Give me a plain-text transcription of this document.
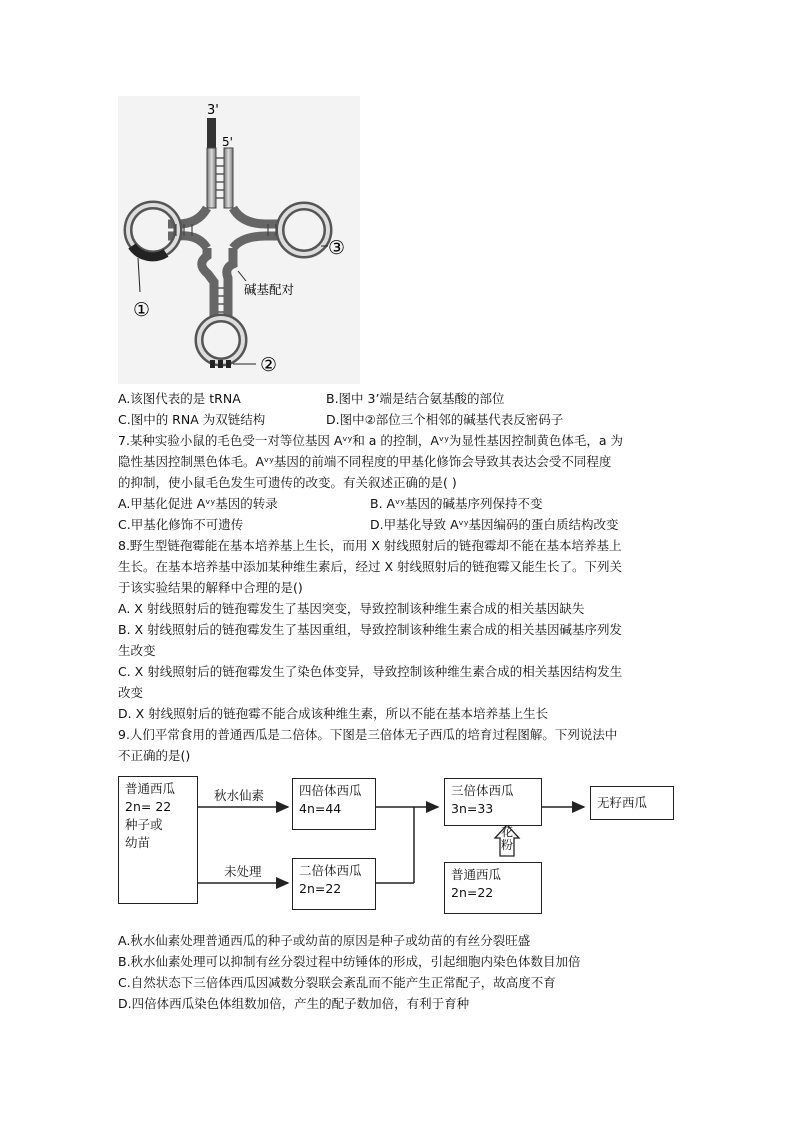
3'
5'
③
①
②
碱基配对
A.该图代表的是 tRNA	B.图中 3’端是结合氨基酸的部位
C.图中的 RNA 为双链结构	D.图中②部位三个相邻的碱基代表反密码子
7.某种实验小鼠的毛色受一对等位基因 Aᵛʸ和 a 的控制，Aᵛʸ为显性基因控制黄色体毛，a 为
隐性基因控制黑色体毛。Aᵛʸ基因的前端不同程度的甲基化修饰会导致其表达会受不同程度
的抑制，使小鼠毛色发生可遗传的改变。有关叙述正确的是( )
A.甲基化促进 Aᵛʸ基因的转录	B. Aᵛʸ基因的碱基序列保持不变
C.甲基化修饰不可遗传	D.甲基化导致 Aᵛʸ基因编码的蛋白质结构改变
8.野生型链孢霉能在基本培养基上生长，而用 X 射线照射后的链孢霉却不能在基本培养基上
生长。在基本培养基中添加某种维生素后，经过 X 射线照射后的链孢霉又能生长了。下列关
于该实验结果的解释中合理的是()
A. X 射线照射后的链孢霉发生了基因突变，导致控制该种维生素合成的相关基因缺失
B. X 射线照射后的链孢霉发生了基因重组，导致控制该种维生素合成的相关基因碱基序列发
生改变
C. X 射线照射后的链孢霉发生了染色体变异，导致控制该种维生素合成的相关基因结构发生
改变
D. X 射线照射后的链孢霉不能合成该种维生素，所以不能在基本培养基上生长
9.人们平常食用的普通西瓜是二倍体。下图是三倍体无子西瓜的培育过程图解。下列说法中
不正确的是()
普通西瓜
2n= 22
种子或
幼苗
秋水仙素
未处理
四倍体西瓜
4n=44
二倍体西瓜
2n=22
三倍体西瓜
3n=33	无籽西瓜
花
粉
普通西瓜
2n=22
A.秋水仙素处理普通西瓜的种子或幼苗的原因是种子或幼苗的有丝分裂旺盛
B.秋水仙素处理可以抑制有丝分裂过程中纺锤体的形成，引起细胞内染色体数目加倍
C.自然状态下三倍体西瓜因减数分裂联会紊乱而不能产生正常配子，故高度不育
D.四倍体西瓜染色体组数加倍，产生的配子数加倍，有利于育种
